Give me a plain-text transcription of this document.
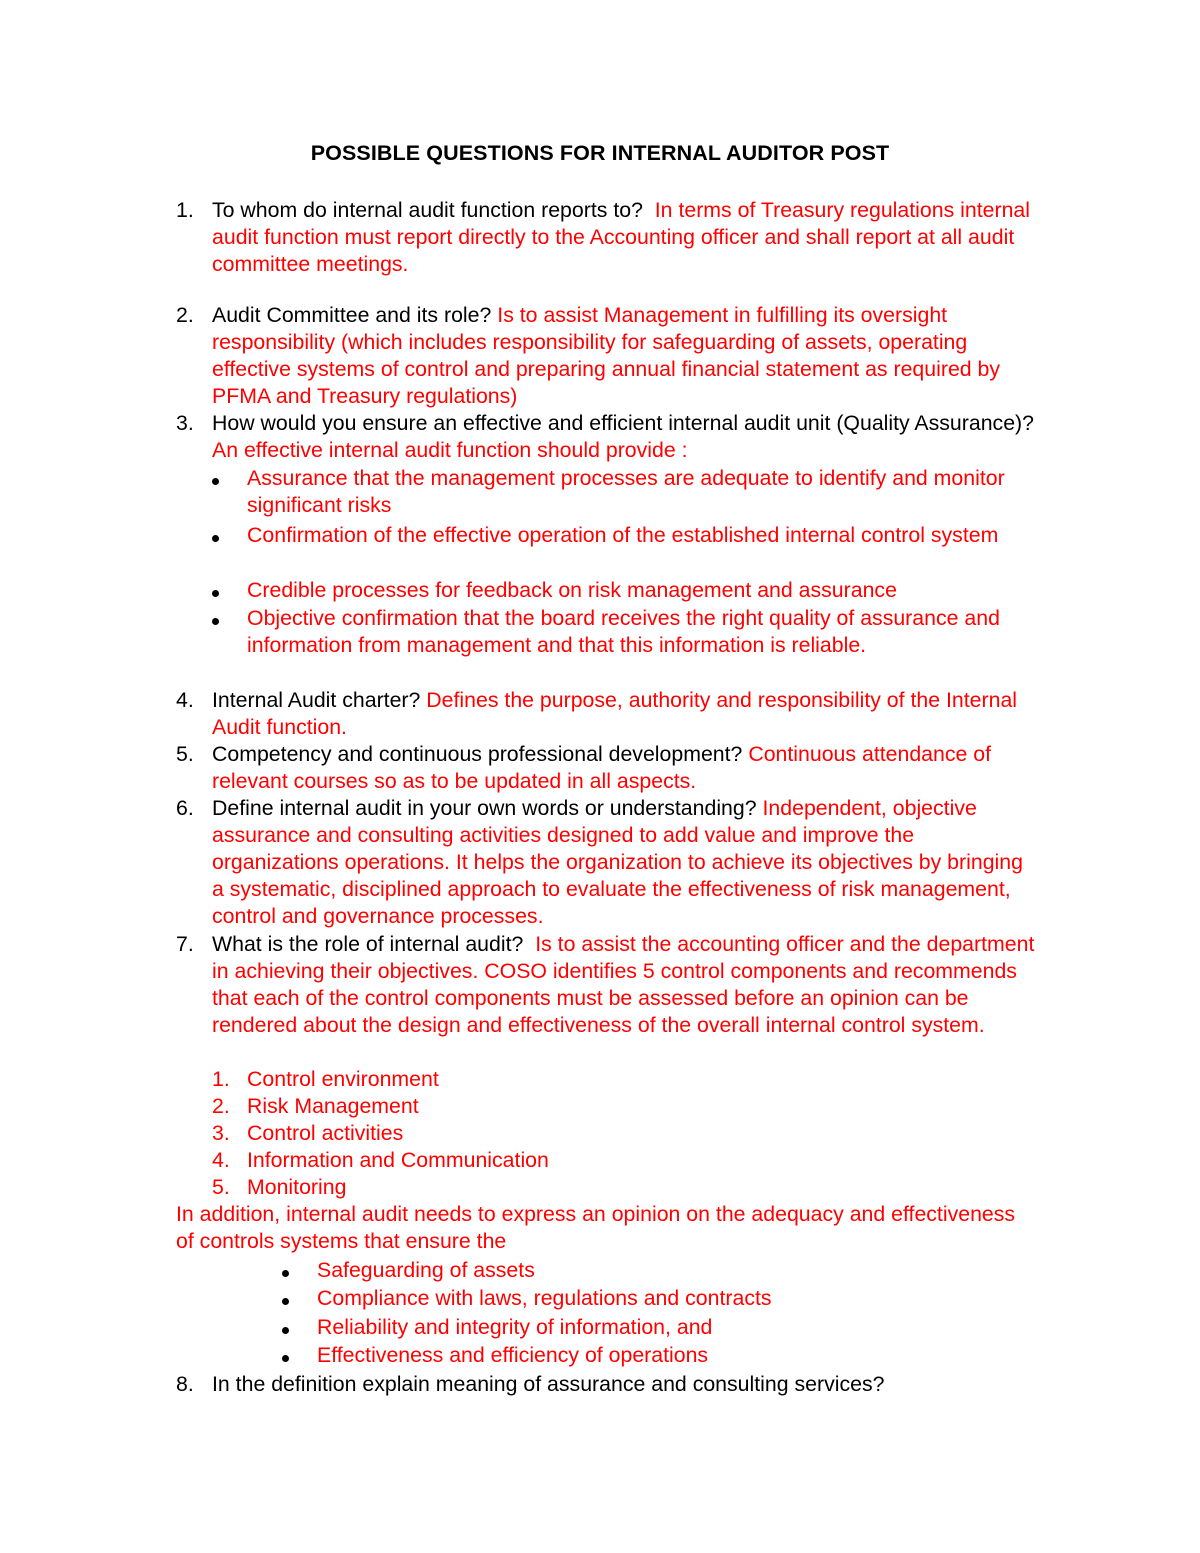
POSSIBLE QUESTIONS FOR INTERNAL AUDITOR POST
1. To whom do internal audit function reports to?  In terms of Treasury regulations internal audit function must report directly to the Accounting officer and shall report at all audit committee meetings.
2. Audit Committee and its role? Is to assist Management in fulfilling its oversight responsibility (which includes responsibility for safeguarding of assets, operating effective systems of control and preparing annual financial statement as required by PFMA and Treasury regulations)
3. How would you ensure an effective and efficient internal audit unit (Quality Assurance)? An effective internal audit function should provide :
Assurance that the management processes are adequate to identify and monitor significant risks
Confirmation of the effective operation of the established internal control system
Credible processes for feedback on risk management and assurance
Objective confirmation that the board receives the right quality of assurance and information from management and that this information is reliable.
4. Internal Audit charter? Defines the purpose, authority and responsibility of the Internal Audit function.
5. Competency and continuous professional development? Continuous attendance of relevant courses so as to be updated in all aspects.
6. Define internal audit in your own words or understanding? Independent, objective assurance and consulting activities designed to add value and improve the organizations operations. It helps the organization to achieve its objectives by bringing a systematic, disciplined approach to evaluate the effectiveness of risk management, control and governance processes.
7. What is the role of internal audit?  Is to assist the accounting officer and the department in achieving their objectives. COSO identifies 5 control components and recommends that each of the control components must be assessed before an opinion can be rendered about the design and effectiveness of the overall internal control system.
1. Control environment
2. Risk Management
3. Control activities
4. Information and Communication
5. Monitoring
In addition, internal audit needs to express an opinion on the adequacy and effectiveness of controls systems that ensure the
Safeguarding of assets
Compliance with laws, regulations and contracts
Reliability and integrity of information, and
Effectiveness and efficiency of operations
8. In the definition explain meaning of assurance and consulting services?
